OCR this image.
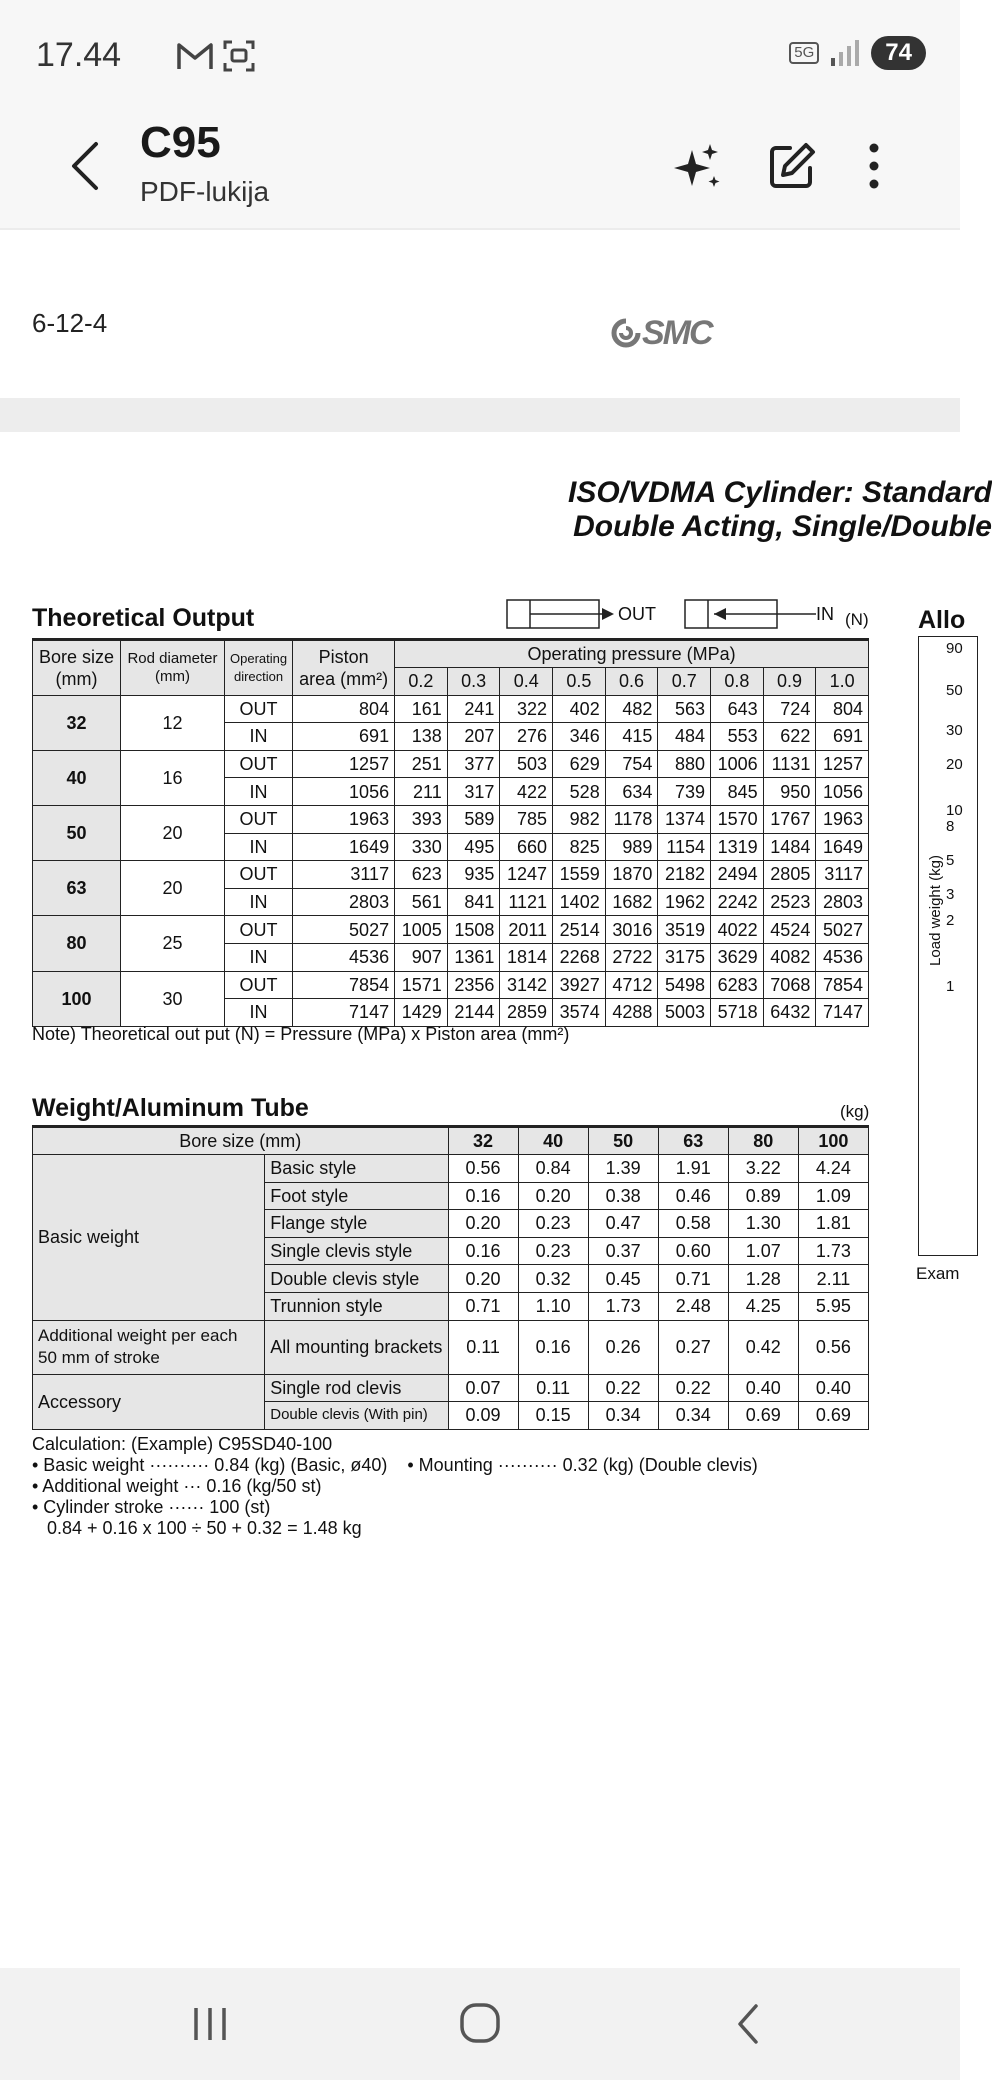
17.44	5G	74
C95
PDF-lukija
6-12-4	SMC
ISO/VDMA Cylinder: Standard
Double Acting, Single/Double
Theoretical Output	OUT	IN (N)
Bore size (mm)	Rod diameter (mm)	Operating direction	Piston area (mm²)	Operating pressure (MPa)								
				0.2	0.3	0.4	0.5	0.6	0.7	0.8	0.9	1.0
32	12	OUT	804	161	241	322	402	482	563	643	724	804
		IN	691	138	207	276	346	415	484	553	622	691
40	16	OUT	1257	251	377	503	629	754	880	1006	1131	1257
		IN	1056	211	317	422	528	634	739	845	950	1056
50	20	OUT	1963	393	589	785	982	1178	1374	1570	1767	1963
		IN	1649	330	495	660	825	989	1154	1319	1484	1649
63	20	OUT	3117	623	935	1247	1559	1870	2182	2494	2805	3117
		IN	2803	561	841	1121	1402	1682	1962	2242	2523	2803
80	25	OUT	5027	1005	1508	2011	2514	3016	3519	4022	4524	5027
		IN	4536	907	1361	1814	2268	2722	3175	3629	4082	4536
100	30	OUT	7854	1571	2356	3142	3927	4712	5498	6283	7068	7854
		IN	7147	1429	2144	2859	3574	4288	5003	5718	6432	7147
Note) Theoretical out put (N) = Pressure (MPa) x Piston area (mm²)
Weight/Aluminum Tube	(kg)
Bore size (mm)		32	40	50	63	80	100
Basic weight	Basic style	0.56	0.84	1.39	1.91	3.22	4.24
	Foot style	0.16	0.20	0.38	0.46	0.89	1.09
	Flange style	0.20	0.23	0.47	0.58	1.30	1.81
	Single clevis style	0.16	0.23	0.37	0.60	1.07	1.73
	Double clevis style	0.20	0.32	0.45	0.71	1.28	2.11
	Trunnion style	0.71	1.10	1.73	2.48	4.25	5.95
Additional weight per each 50 mm of stroke	All mounting brackets	0.11	0.16	0.26	0.27	0.42	0.56
Accessory	Single rod clevis	0.07	0.11	0.22	0.22	0.40	0.40
	Double clevis (With pin)	0.09	0.15	0.34	0.34	0.69	0.69
Calculation: (Example) C95SD40-100
• Basic weight ·········· 0.84 (kg) (Basic, ø40) • Mounting ·········· 0.32 (kg) (Double clevis)
• Additional weight ··· 0.16 (kg/50 st)
• Cylinder stroke ······ 100 (st)
0.84 + 0.16 x 100 ÷ 50 + 0.32 = 1.48 kg
Allo
Load weight (kg)
90
50
30
20
10
8
5
3
2
1
Exam
